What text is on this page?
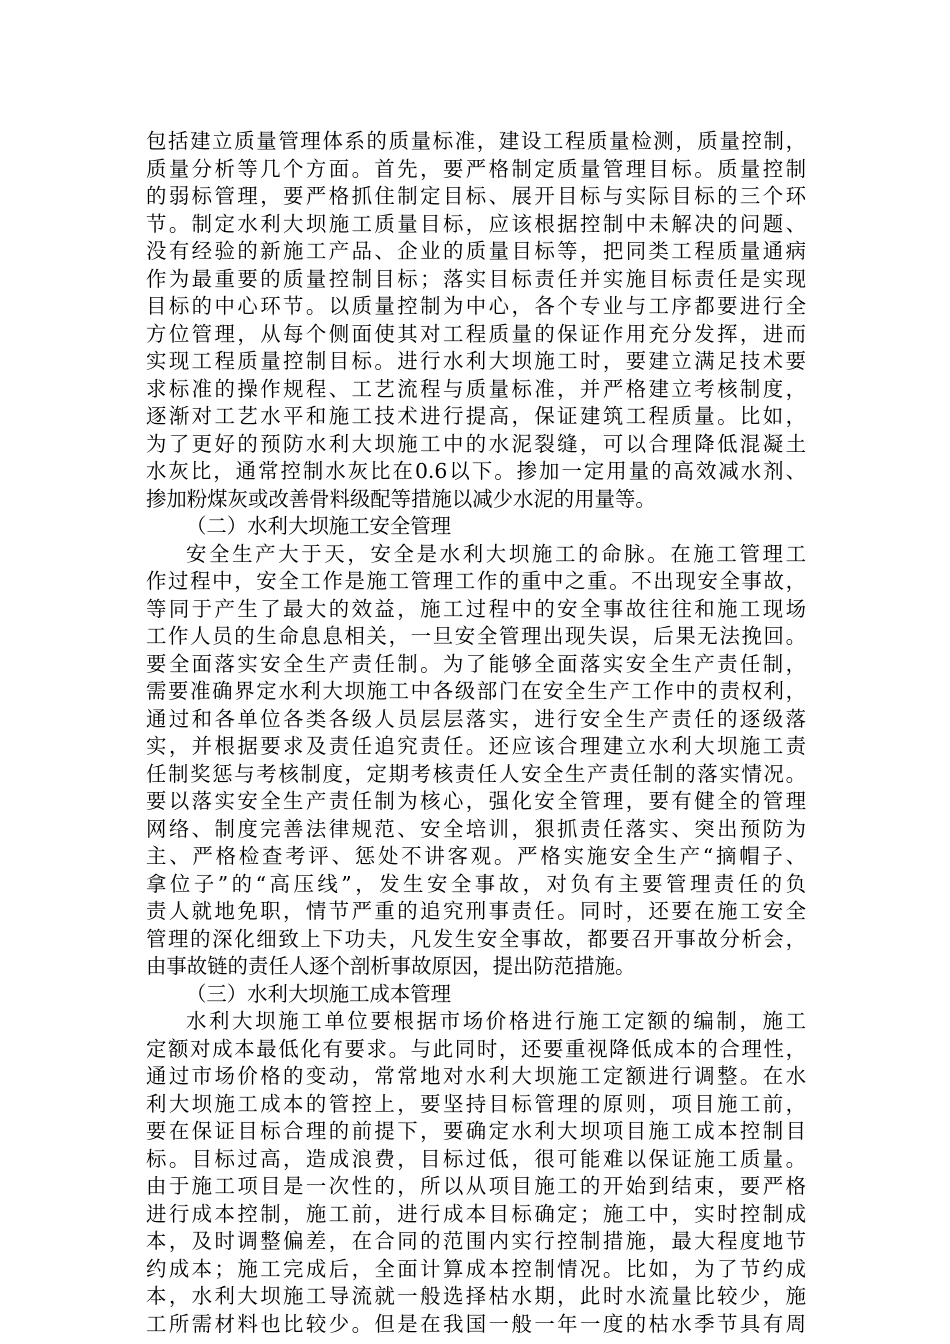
包括建立质量管理体系的质量标准，建设工程质量检测，质量控制，
质量分析等几个方面。首先，要严格制定质量管理目标。质量控制
的弱标管理，要严格抓住制定目标、展开目标与实际目标的三个环
节。制定水利大坝施工质量目标，应该根据控制中未解决的问题、
没有经验的新施工产品、企业的质量目标等，把同类工程质量通病
作为最重要的质量控制目标；落实目标责任并实施目标责任是实现
目标的中心环节。以质量控制为中心，各个专业与工序都要进行全
方位管理，从每个侧面使其对工程质量的保证作用充分发挥，进而
实现工程质量控制目标。进行水利大坝施工时，要建立满足技术要
求标准的操作规程、工艺流程与质量标准，并严格建立考核制度，
逐渐对工艺水平和施工技术进行提高，保证建筑工程质量。比如，
为了更好的预防水利大坝施工中的水泥裂缝，可以合理降低混凝土
水灰比，通常控制水灰比在0.6以下。掺加一定用量的高效减水剂、
掺加粉煤灰或改善骨料级配等措施以减少水泥的用量等。
（二）水利大坝施工安全管理
安全生产大于天，安全是水利大坝施工的命脉。在施工管理工
作过程中，安全工作是施工管理工作的重中之重。不出现安全事故，
等同于产生了最大的效益，施工过程中的安全事故往往和施工现场
工作人员的生命息息相关，一旦安全管理出现失误，后果无法挽回。
要全面落实安全生产责任制。为了能够全面落实安全生产责任制，
需要准确界定水利大坝施工中各级部门在安全生产工作中的责权利，
通过和各单位各类各级人员层层落实，进行安全生产责任的逐级落
实，并根据要求及责任追究责任。还应该合理建立水利大坝施工责
任制奖惩与考核制度，定期考核责任人安全生产责任制的落实情况。
要以落实安全生产责任制为核心，强化安全管理，要有健全的管理
网络、制度完善法律规范、安全培训，狠抓责任落实、突出预防为
主、严格检查考评、惩处不讲客观。严格实施安全生产“摘帽子、
拿位子”的“高压线”，发生安全事故，对负有主要管理责任的负
责人就地免职，情节严重的追究刑事责任。同时，还要在施工安全
管理的深化细致上下功夫，凡发生安全事故，都要召开事故分析会，
由事故链的责任人逐个剖析事故原因，提出防范措施。
（三）水利大坝施工成本管理
水利大坝施工单位要根据市场价格进行施工定额的编制，施工
定额对成本最低化有要求。与此同时，还要重视降低成本的合理性，
通过市场价格的变动，常常地对水利大坝施工定额进行调整。在水
利大坝施工成本的管控上，要坚持目标管理的原则，项目施工前，
要在保证目标合理的前提下，要确定水利大坝项目施工成本控制目
标。目标过高，造成浪费，目标过低，很可能难以保证施工质量。
由于施工项目是一次性的，所以从项目施工的开始到结束，要严格
进行成本控制，施工前，进行成本目标确定；施工中，实时控制成
本，及时调整偏差，在合同的范围内实行控制措施，最大程度地节
约成本；施工完成后，全面计算成本控制情况。比如，为了节约成
本，水利大坝施工导流就一般选择枯水期，此时水流量比较少，施
工所需材料也比较少。但是在我国一般一年一度的枯水季节具有周
